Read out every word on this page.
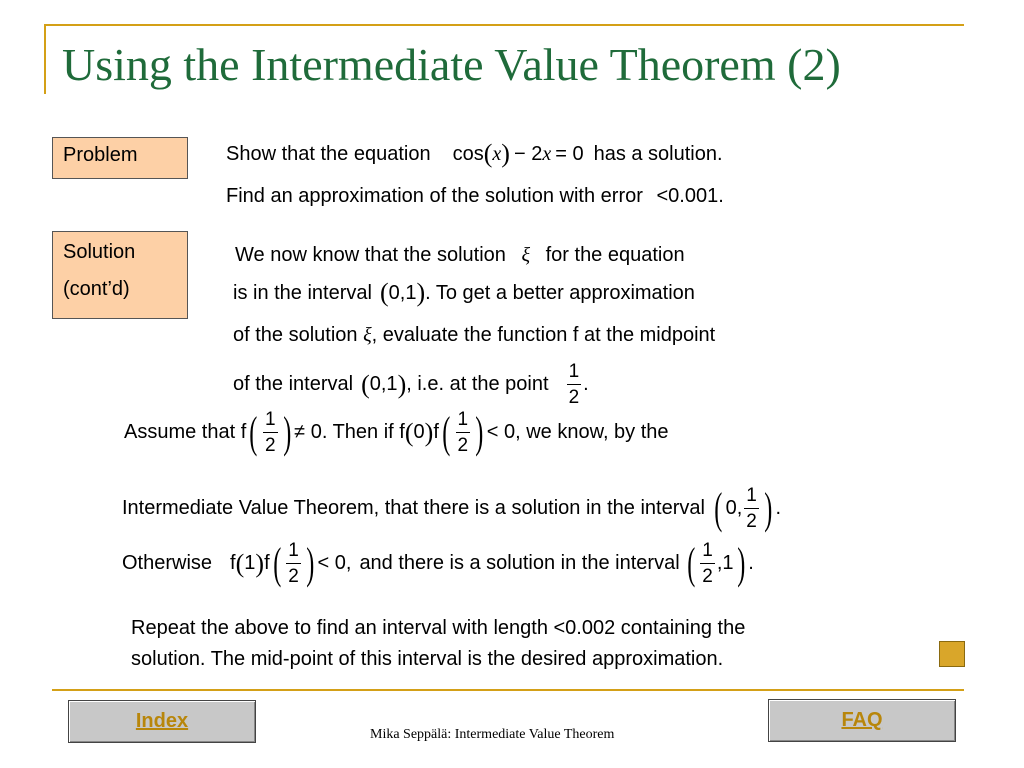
Using the Intermediate Value Theorem (2)
Problem
Solution
(cont’d)
Show that the equation cos ( x ) − 2 x = 0 has a solution.
Find an approximation of the solution with error <0.001.
We now know that the solution ξ for the equation
is in the interval ( 0,1 ) . To get a better approximation
of the solution ξ, evaluate the function f at the midpoint
of the interval ( 0,1 ) , i.e. at the point $\frac{1}{2}$ .
Assume that f ( $\frac{1}{2}$ ) ≠ 0. Then if f ( 0 ) f ( $\frac{1}{2}$ ) < 0, we know, by the
Intermediate Value Theorem, that there is a solution in the interval ( 0, $\frac{1}{2}$ ) .
Otherwise f ( 1 ) f ( $\frac{1}{2}$ ) < 0, and there is a solution in the interval ( $\frac{1}{2} ,1$ ) .
Repeat the above to find an interval with length <0.002 containing the
solution. The mid-point of this interval is the desired approximation.
Index	FAQ
Mika Seppälä: Intermediate Value Theorem
